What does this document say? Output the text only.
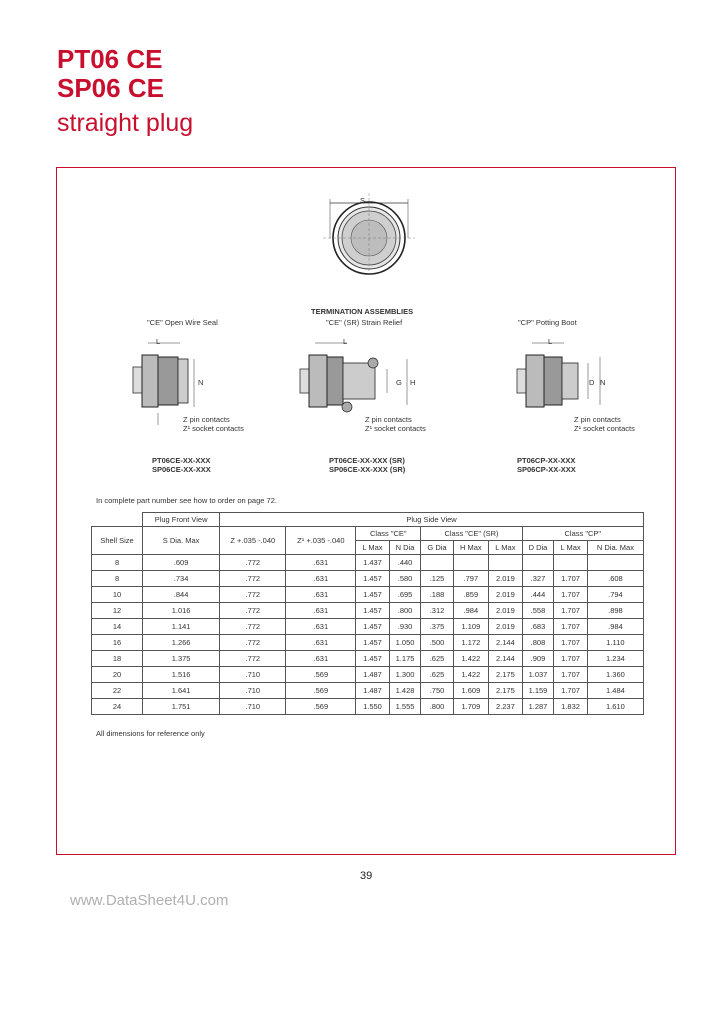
PT06 CE
SP06 CE
straight plug
S
TERMINATION ASSEMBLIES
"CE" Open Wire Seal	"CE" (SR) Strain Relief	"CP" Potting Boot
L
N
Z pin contacts
Z¹ socket contacts
PT06CE-XX-XXX
SP06CE-XX-XXX
L
G H
Z pin contacts
Z¹ socket contacts
PT06CE-XX-XXX (SR)
SP06CE-XX-XXX (SR)
L
D N
Z pin contacts
Z¹ socket contacts
PT06CP-XX-XXX
SP06CP-XX-XXX
In complete part number see how to order on page 72.
	Plug Front View	Plug Side View									
Shell Size	S Dia. Max	Z +.035 -.040	Z¹ +.035 -.040	Class "CE"		Class "CE" (SR)			Class "CP"		
				L Max	N Dia	G Dia	H Max	L Max	D Dia	L Max	N Dia. Max
8	.609	.772	.631	1.437	.440						
8	.734	.772	.631	1.457	.580	.125	.797	2.019	.327	1.707	.608
10	.844	.772	.631	1.457	.695	.188	.859	2.019	.444	1.707	.794
12	1.016	.772	.631	1.457	.800	.312	.984	2.019	.558	1.707	.898
14	1.141	.772	.631	1.457	.930	.375	1.109	2.019	.683	1.707	.984
16	1.266	.772	.631	1.457	1.050	.500	1.172	2.144	.808	1.707	1.110
18	1.375	.772	.631	1.457	1.175	.625	1.422	2.144	.909	1.707	1.234
20	1.516	.710	.569	1.487	1.300	.625	1.422	2.175	1.037	1.707	1.360
22	1.641	.710	.569	1.487	1.428	.750	1.609	2.175	1.159	1.707	1.484
24	1.751	.710	.569	1.550	1.555	.800	1.709	2.237	1.287	1.832	1.610
All dimensions for reference only
39
www.DataSheet4U.com
